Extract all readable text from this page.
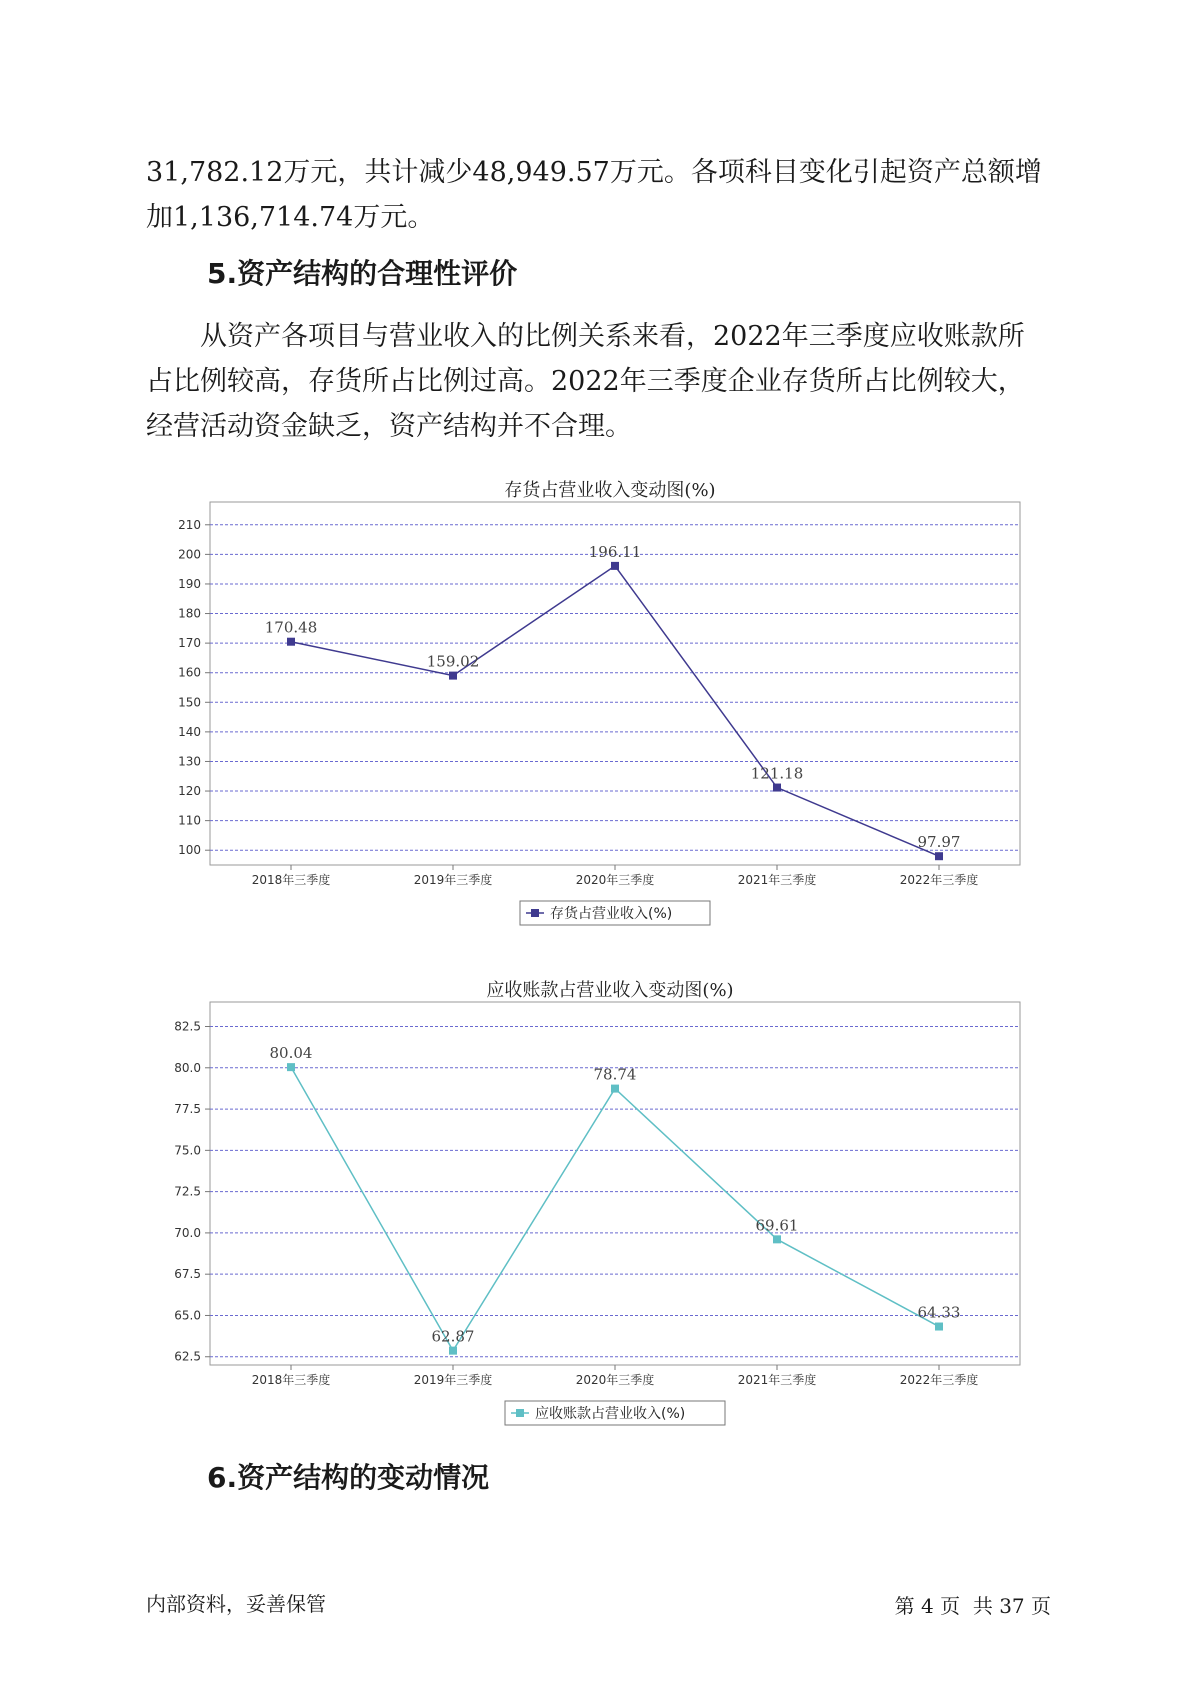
31,782.12万元，共计减少48,949.57万元。各项科目变化引起资产总额增
加1,136,714.74万元。

5.资产结构的合理性评价

从资产各项目与营业收入的比例关系来看，2022年三季度应收账款所
占比例较高，存货所占比例过高。2022年三季度企业存货所占比例较大，
经营活动资金缺乏，资产结构并不合理。

存货占营业收入变动图(%)
100
110
120
130
140
150
160
170
180
190
200
210
2018年三季度	2019年三季度	2020年三季度	2021年三季度	2022年三季度
170.48
159.02
196.11
121.18
97.97
存货占营业收入(%)
应收账款占营业收入变动图(%)
62.5
65.0
67.5
70.0
72.5
75.0
77.5
80.0
82.5
2018年三季度	2019年三季度	2020年三季度	2021年三季度	2022年三季度
80.04
62.87
78.74
69.61
64.33
应收账款占营业收入(%)
6.资产结构的变动情况
内部资料，妥善保管	第 4 页  共 37 页
